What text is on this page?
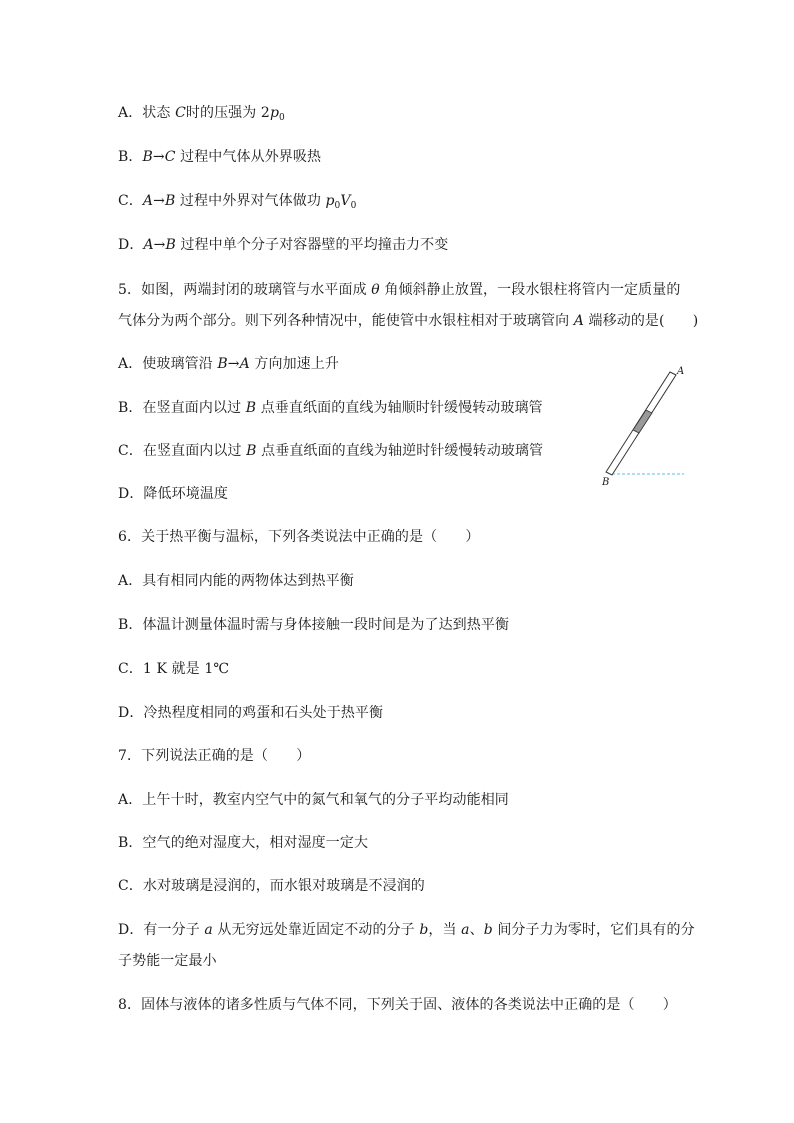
A．状态 C时的压强为 $2p_0$
B．B→C 过程中气体从外界吸热
C．A→B 过程中外界对气体做功 $p_0V_0$
D．A→B 过程中单个分子对容器壁的平均撞击力不变
5．如图，两端封闭的玻璃管与水平面成 θ 角倾斜静止放置，一段水银柱将管内一定质量的
气体分为两个部分。则下列各种情况中，能使管中水银柱相对于玻璃管向 A 端移动的是(　　)
A．使玻璃管沿 B→A 方向加速上升
B．在竖直面内以过 B 点垂直纸面的直线为轴顺时针缓慢转动玻璃管
C．在竖直面内以过 B 点垂直纸面的直线为轴逆时针缓慢转动玻璃管
D．降低环境温度
A
B
6．关于热平衡与温标，下列各类说法中正确的是（　　）
A．具有相同内能的两物体达到热平衡
B．体温计测量体温时需与身体接触一段时间是为了达到热平衡
C．1 K 就是 1℃
D．冷热程度相同的鸡蛋和石头处于热平衡
7．下列说法正确的是（　　）
A．上午十时，教室内空气中的氮气和氧气的分子平均动能相同
B．空气的绝对湿度大，相对湿度一定大
C．水对玻璃是浸润的，而水银对玻璃是不浸润的
D．有一分子 a 从无穷远处靠近固定不动的分子 b，当 a、b 间分子力为零时，它们具有的分
子势能一定最小
8．固体与液体的诸多性质与气体不同，下列关于固、液体的各类说法中正确的是（　　）
